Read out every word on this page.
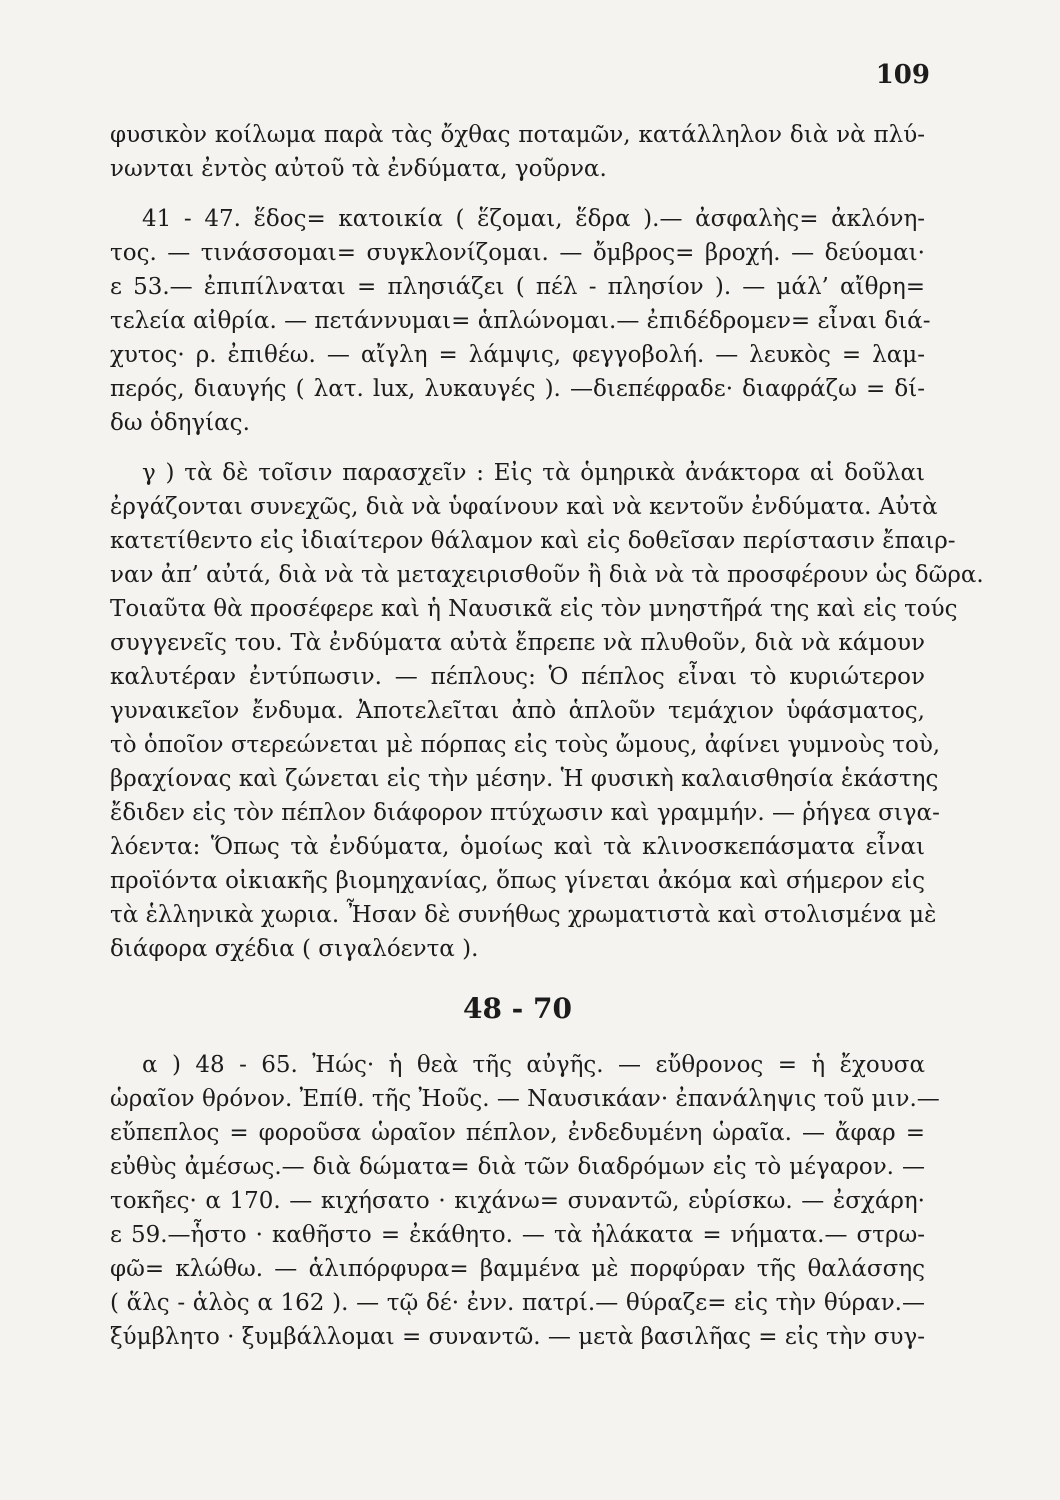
109
φυσικὸν κοίλωμα παρὰ τὰς ὄχθας ποταμῶν, κατάλληλον διὰ νὰ πλύ-
νωνται ἐντὸς αὐτοῦ τὰ ἐνδύματα, γοῦρνα.
41 - 47. ἕδος= κατοικία ( ἕζομαι, ἕδρα ).— ἀσφαλὴς= ἀκλόνη-
τος. — τινάσσομαι= συγκλονίζομαι. — ὄμβρος= βροχή. — δεύομαι·
ε 53.— ἐπιπίλναται = πλησιάζει ( πέλ - πλησίον ). — μάλ’ αἴθρη=
τελεία αἰθρία. — πετάννυμαι= ἁπλώνομαι.— ἐπιδέδρομεν= εἶναι διά-
χυτος· ρ. ἐπιθέω. — αἴγλη = λάμψις, φεγγοβολή. — λευκὸς = λαμ-
περός, διαυγής ( λατ. lux, λυκαυγές ). —διεπέφραδε· διαφράζω = δί-
δω ὁδηγίας.
γ ) τὰ δὲ τοῖσιν παρασχεῖν : Εἰς τὰ ὁμηρικὰ ἀνάκτορα αἱ δοῦλαι
ἐργάζονται συνεχῶς, διὰ νὰ ὑφαίνουν καὶ νὰ κεντοῦν ἐνδύματα. Αὐτὰ
κατετίθεντο εἰς ἰδιαίτερον θάλαμον καὶ εἰς δοθεῖσαν περίστασιν ἔπαιρ-
ναν ἀπ’ αὐτά, διὰ νὰ τὰ μεταχειρισθοῦν ἢ διὰ νὰ τὰ προσφέρουν ὡς δῶρα.
Τοιαῦτα θὰ προσέφερε καὶ ἡ Ναυσικᾶ εἰς τὸν μνηστῆρά της καὶ εἰς τούς
συγγενεῖς του. Τὰ ἐνδύματα αὐτὰ ἔπρεπε νὰ πλυθοῦν, διὰ νὰ κάμουν
καλυτέραν ἐντύπωσιν. — πέπλους: Ὁ πέπλος εἶναι τὸ κυριώτερον
γυναικεῖον ἔνδυμα. Ἀποτελεῖται ἀπὸ ἁπλοῦν τεμάχιον ὑφάσματος,
τὸ ὁποῖον στερεώνεται μὲ πόρπας εἰς τοὺς ὤμους, ἀφίνει γυμνοὺς τοὺ,
βραχίονας καὶ ζώνεται εἰς τὴν μέσην. Ἡ φυσικὴ καλαισθησία ἑκάστης
ἔδιδεν εἰς τὸν πέπλον διάφορον πτύχωσιν καὶ γραμμήν. — ῥήγεα σιγα-
λόεντα: Ὅπως τὰ ἐνδύματα, ὁμοίως καὶ τὰ κλινοσκεπάσματα εἶναι
προϊόντα οἰκιακῆς βιομηχανίας, ὅπως γίνεται ἀκόμα καὶ σήμερον εἰς
τὰ ἑλληνικὰ χωρια. Ἦσαν δὲ συνήθως χρωματιστὰ καὶ στολισμένα μὲ
διάφορα σχέδια ( σιγαλόεντα ).
48 - 70
α ) 48 - 65. Ἠώς· ἡ θεὰ τῆς αὐγῆς. — εὔθρονος = ἡ ἔχουσα
ὡραῖον θρόνον. Ἐπίθ. τῆς Ἠοῦς. — Ναυσικάαν· ἐπανάληψις τοῦ μιν.—
εὔπεπλος = φοροῦσα ὡραῖον πέπλον, ἐνδεδυμένη ὡραῖα. — ἄφαρ =
εὐθὺς ἀμέσως.— διὰ δώματα= διὰ τῶν διαδρόμων εἰς τὸ μέγαρον. —
τοκῆες· α 170. — κιχήσατο · κιχάνω= συναντῶ, εὑρίσκω. — ἐσχάρη·
ε 59.—ἧστο · καθῆστο = ἐκάθητο. — τὰ ἠλάκατα = νήματα.— στρω-
φῶ= κλώθω. — ἁλιπόρφυρα= βαμμένα μὲ πορφύραν τῆς θαλάσσης
( ἅλς - ἁλὸς α 162 ). — τῷ δέ· ἐνν. πατρί.— θύραζε= εἰς τὴν θύραν.—
ξύμβλητο · ξυμβάλλομαι = συναντῶ. — μετὰ βασιλῆας = εἰς τὴν συγ-
